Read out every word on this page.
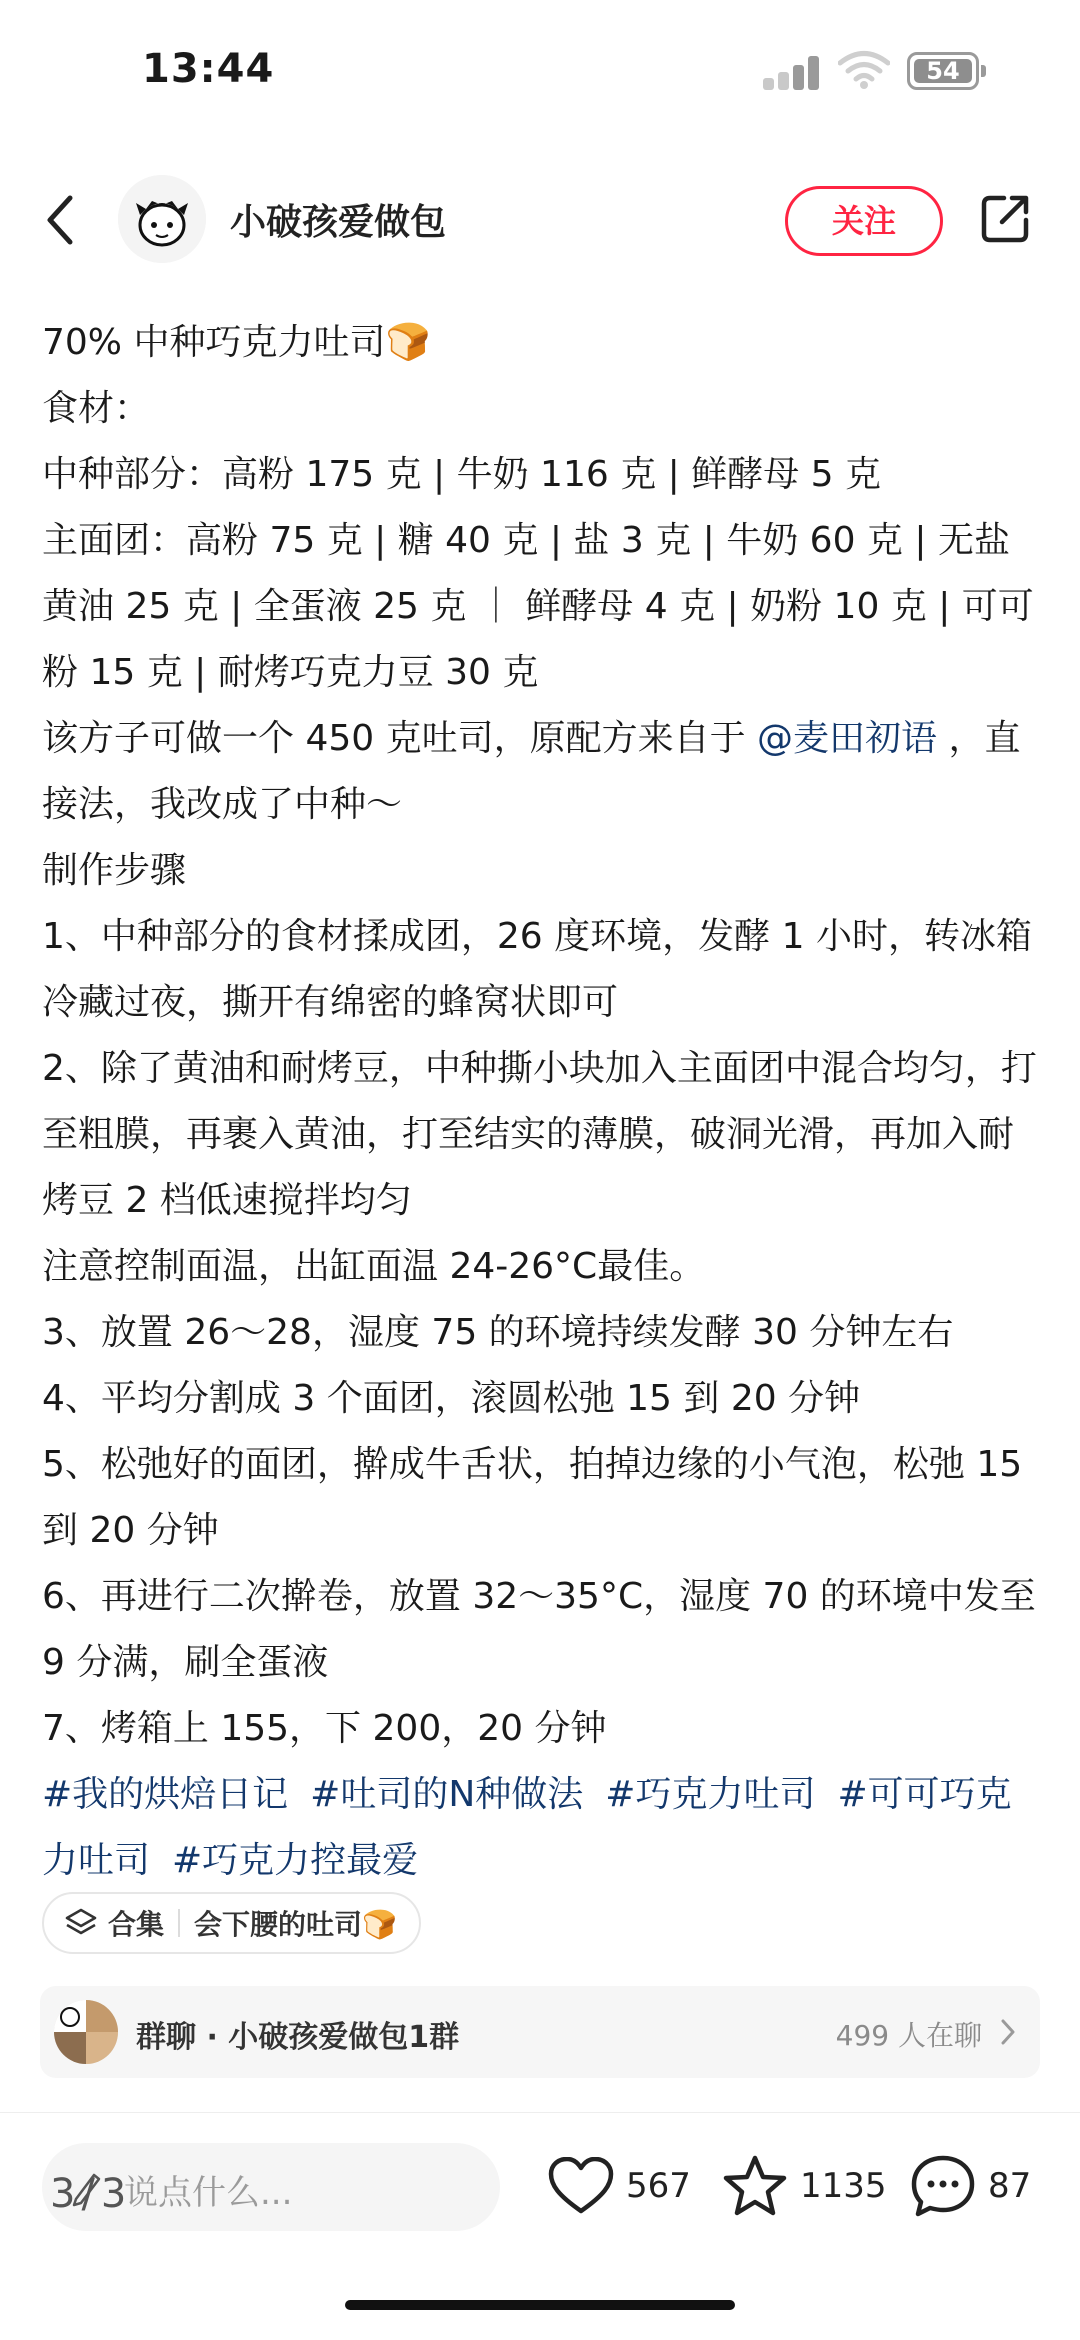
13:44	54
小破孩爱做包	关注

70% 中种巧克力吐司🍞

食材：

中种部分：高粉 175 克 | 牛奶 116 克 | 鲜酵母 5 克

主面团：高粉 75 克 | 糖 40 克 | 盐 3 克 | 牛奶 60 克 | 无盐黄油 25 克 | 全蛋液 25 克 ｜ 鲜酵母 4 克 | 奶粉 10 克 | 可可粉 15 克 | 耐烤巧克力豆 30 克

该方子可做一个 450 克吐司，原配方来自于 @麦田初语 ，直接法，我改成了中种～

制作步骤

1、中种部分的食材揉成团，26 度环境，发酵 1 小时，转冰箱冷藏过夜，撕开有绵密的蜂窝状即可

2、除了黄油和耐烤豆，中种撕小块加入主面团中混合均匀，打至粗膜，再裹入黄油，打至结实的薄膜，破洞光滑，再加入耐烤豆 2 档低速搅拌均匀

注意控制面温，出缸面温 24-26°C最佳。

3、放置 26～28，湿度 75 的环境持续发酵 30 分钟左右

4、平均分割成 3 个面团，滚圆松弛 15 到 20 分钟

5、松弛好的面团，擀成牛舌状，拍掉边缘的小气泡，松弛 15 到 20 分钟

6、再进行二次擀卷，放置 32～35°C，湿度 70 的环境中发至 9 分满，刷全蛋液

7、烤箱上 155，下 200，20 分钟

#我的烘焙日记 #吐司的N种做法 #巧克力吐司 #可可巧克力吐司 #巧克力控最爱

合集 会下腰的吐司🍞
群聊 · 小破孩爱做包1群	499 人在聊
说点什么...
3/3	567	1135	87
